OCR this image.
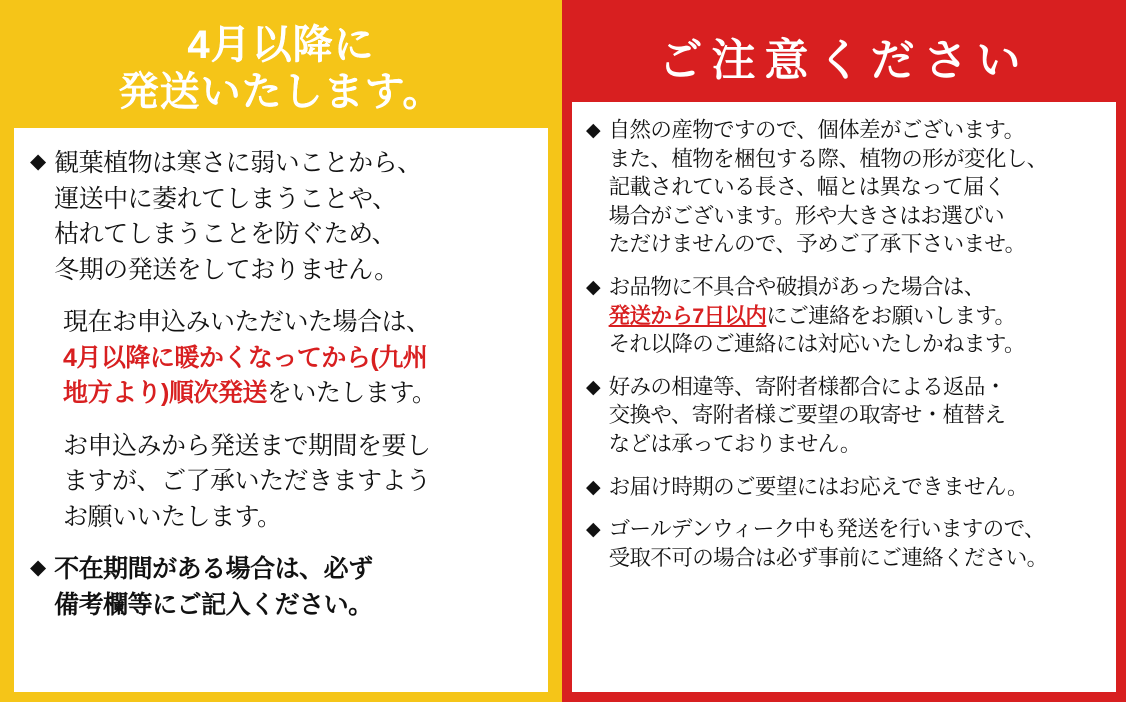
4月以降に
発送いたします。
◆ 観葉植物は寒さに弱いことから、
運送中に萎れてしまうことや、
枯れてしまうことを防ぐため、
冬期の発送をしておりません。

現在お申込みいただいた場合は、
4月以降に暖かくなってから(九州
地方より)順次発送をいたします。

お申込みから発送まで期間を要し
ますが、ご了承いただきますよう
お願いいたします。

◆ 不在期間がある場合は、必ず
備考欄等にご記入ください。

ご注意ください
◆ 自然の産物ですので、個体差がございます。
また、植物を梱包する際、植物の形が変化し、
記載されている長さ、幅とは異なって届く
場合がございます。形や大きさはお選びい
ただけませんので、予めご了承下さいませ。

◆ お品物に不具合や破損があった場合は、
発送から7日以内にご連絡をお願いします。
それ以降のご連絡には対応いたしかねます。

◆ 好みの相違等、寄附者様都合による返品・
交換や、寄附者様ご要望の取寄せ・植替え
などは承っておりません。

◆ お届け時期のご要望にはお応えできません。

◆ ゴールデンウィーク中も発送を行いますので、
受取不可の場合は必ず事前にご連絡ください。
